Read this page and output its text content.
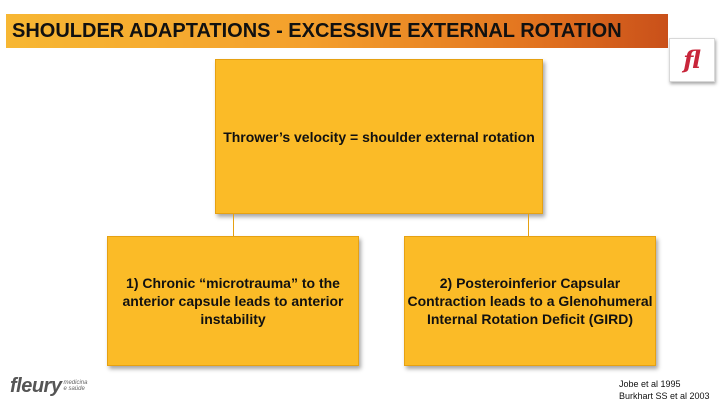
SHOULDER ADAPTATIONS - EXCESSIVE EXTERNAL ROTATION
fl
Thrower’s velocity = shoulder external rotation
1) Chronic “microtrauma” to the anterior capsule leads to anterior instability
2) Posteroinferior Capsular Contraction leads to a Glenohumeral Internal Rotation Deficit (GIRD)
fleury medicina
e saúde	Jobe et al 1995
Burkhart SS et al 2003
